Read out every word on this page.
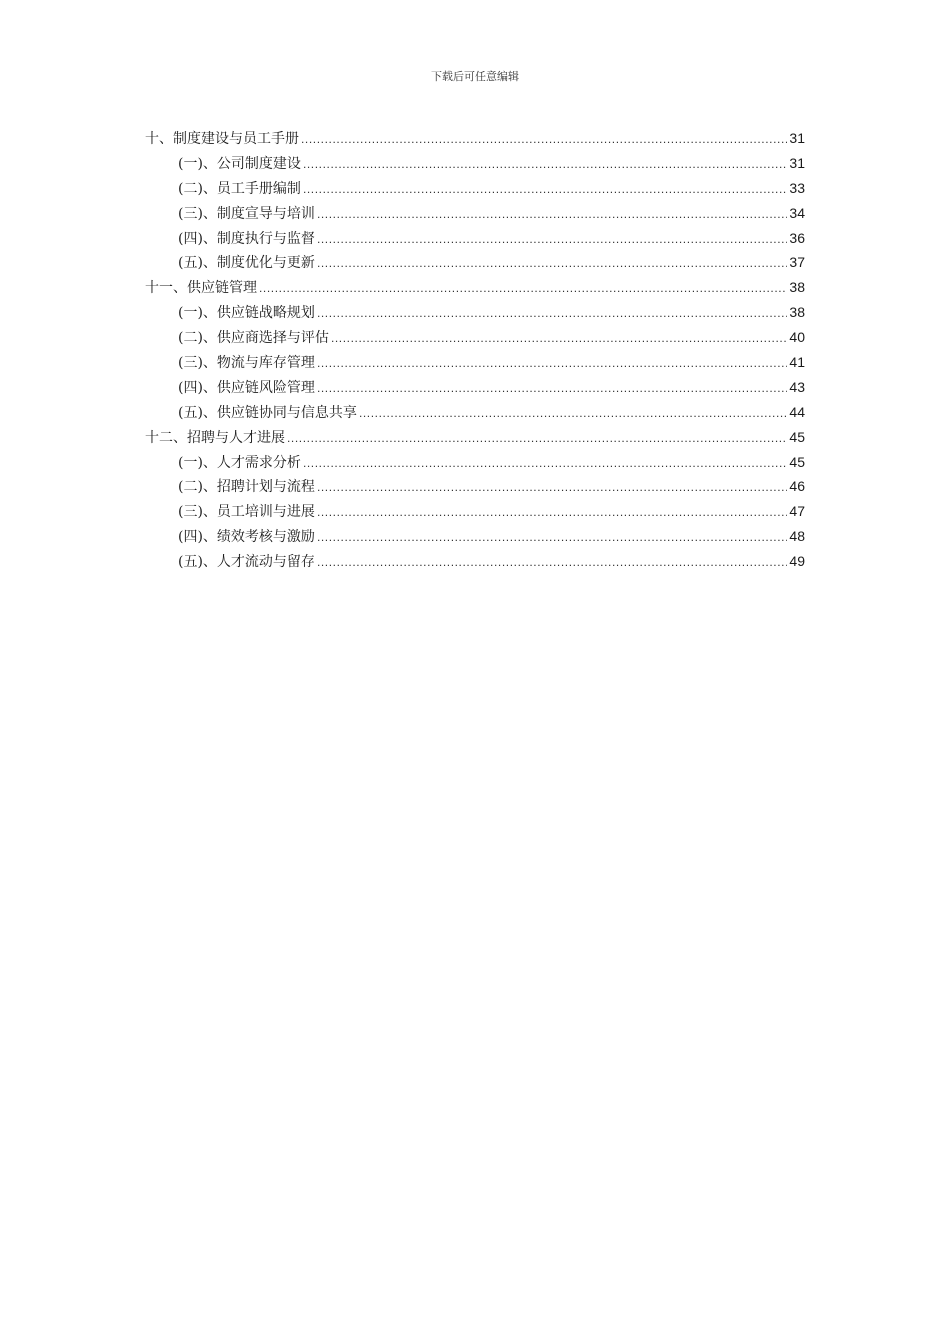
下载后可任意编辑
十、制度建设与员工手册 .....	31
(一)、公司制度建设 .....	31
(二)、员工手册编制 .....	33
(三)、制度宣导与培训 .....	34
(四)、制度执行与监督 .....	36
(五)、制度优化与更新 .....	37
十一、供应链管理 .....	38
(一)、供应链战略规划 .....	38
(二)、供应商选择与评估 .....	40
(三)、物流与库存管理 .....	41
(四)、供应链风险管理 .....	43
(五)、供应链协同与信息共享 .....	44
十二、招聘与人才进展 .....	45
(一)、人才需求分析 .....	45
(二)、招聘计划与流程 .....	46
(三)、员工培训与进展 .....	47
(四)、绩效考核与激励 .....	48
(五)、人才流动与留存 .....	49
